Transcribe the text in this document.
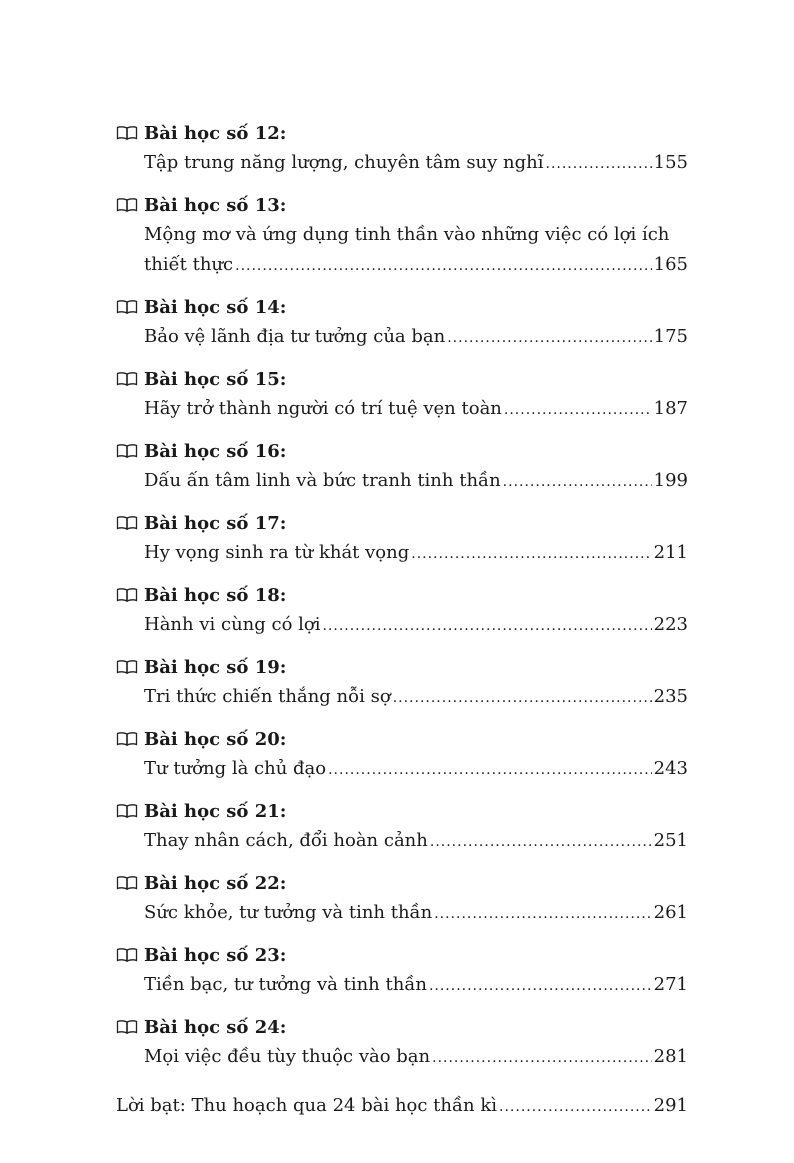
Bài học số 12:
Tập trung năng lượng, chuyên tâm suy nghĩ .....	155
Bài học số 13:
Mộng mơ và ứng dụng tinh thần vào những việc có lợi ích
thiết thực .....	165
Bài học số 14:
Bảo vệ lãnh địa tư tưởng của bạn .....	175
Bài học số 15:
Hãy trở thành người có trí tuệ vẹn toàn .....	187
Bài học số 16:
Dấu ấn tâm linh và bức tranh tinh thần .....	199
Bài học số 17:
Hy vọng sinh ra từ khát vọng .....	211
Bài học số 18:
Hành vi cùng có lợi .....	223
Bài học số 19:
Tri thức chiến thắng nỗi sợ .....	235
Bài học số 20:
Tư tưởng là chủ đạo .....	243
Bài học số 21:
Thay nhân cách, đổi hoàn cảnh .....	251
Bài học số 22:
Sức khỏe, tư tưởng và tinh thần .....	261
Bài học số 23:
Tiền bạc, tư tưởng và tinh thần .....	271
Bài học số 24:
Mọi việc đều tùy thuộc vào bạn .....	281
Lời bạt: Thu hoạch qua 24 bài học thần kì .....	291
